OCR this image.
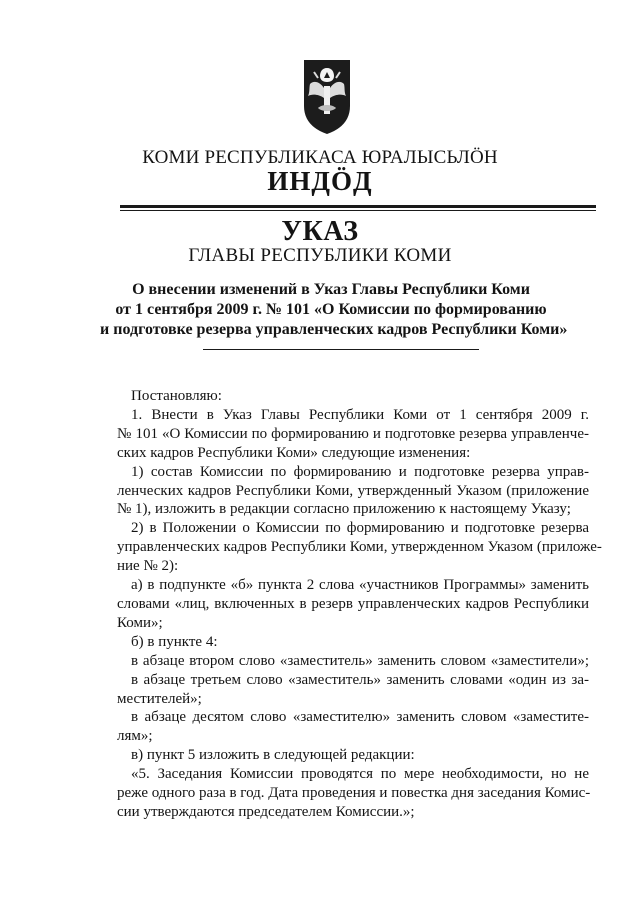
КОМИ РЕСПУБЛИКАСА ЮРАЛЫСЬЛÖН
ИНДÖД
УКАЗ
ГЛАВЫ РЕСПУБЛИКИ КОМИ
О внесении изменений в Указ Главы Республики Коми
от 1 сентября 2009 г. № 101 «О Комиссии по формированию
и подготовке резерва управленческих кадров Республики Коми»
Постановляю:
1. Внести в Указ Главы Республики Коми от 1 сентября 2009 г.
№ 101 «О Комиссии по формированию и подготовке резерва управленче-
ских кадров Республики Коми» следующие изменения:
1) состав Комиссии по формированию и подготовке резерва управ-
ленческих кадров Республики Коми, утвержденный Указом (приложение
№ 1), изложить в редакции согласно приложению к настоящему Указу;
2) в Положении о Комиссии по формированию и подготовке резерва
управленческих кадров Республики Коми, утвержденном Указом (приложе-
ние № 2):
а) в подпункте «б» пункта 2 слова «участников Программы» заменить
словами «лиц, включенных в резерв управленческих кадров Республики
Коми»;
б) в пункте 4:
в абзаце втором слово «заместитель» заменить словом «заместители»;
в абзаце третьем слово «заместитель» заменить словами «один из за-
местителей»;
в абзаце десятом слово «заместителю» заменить словом «заместите-
лям»;
в) пункт 5 изложить в следующей редакции:
«5. Заседания Комиссии проводятся по мере необходимости, но не
реже одного раза в год. Дата проведения и повестка дня заседания Комис-
сии утверждаются председателем Комиссии.»;
